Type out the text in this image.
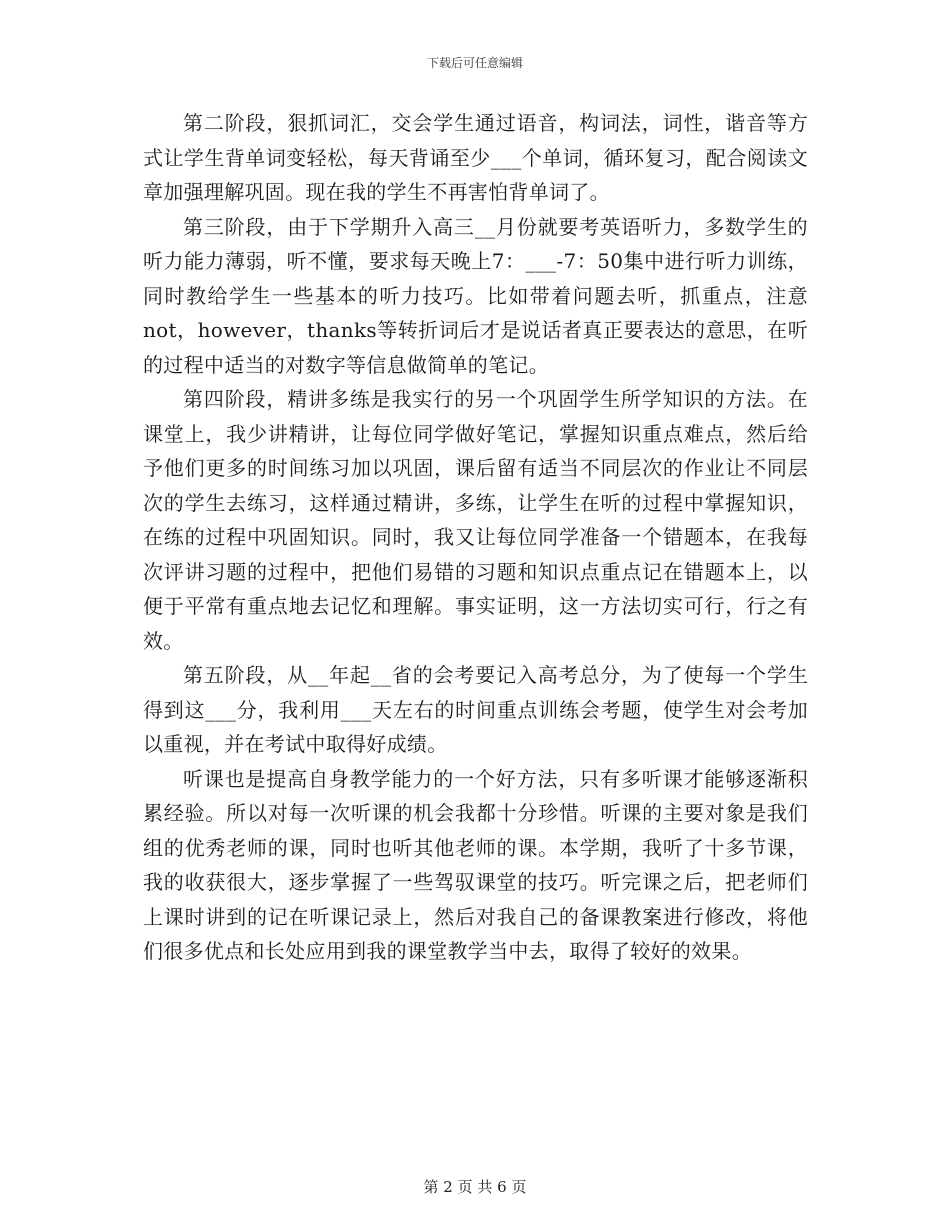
下载后可任意编辑

第二阶段，狠抓词汇，交会学生通过语音，构词法，词性，谐音等方式让学生背单词变轻松，每天背诵至少___个单词，循环复习，配合阅读文章加强理解巩固。现在我的学生不再害怕背单词了。

第三阶段，由于下学期升入高三__月份就要考英语听力，多数学生的听力能力薄弱，听不懂，要求每天晚上7：___-7：50集中进行听力训练，同时教给学生一些基本的听力技巧。比如带着问题去听，抓重点，注意not，however，thanks等转折词后才是说话者真正要表达的意思，在听的过程中适当的对数字等信息做简单的笔记。

第四阶段，精讲多练是我实行的另一个巩固学生所学知识的方法。在课堂上，我少讲精讲，让每位同学做好笔记，掌握知识重点难点，然后给予他们更多的时间练习加以巩固，课后留有适当不同层次的作业让不同层次的学生去练习，这样通过精讲，多练，让学生在听的过程中掌握知识，在练的过程中巩固知识。同时，我又让每位同学准备一个错题本，在我每次评讲习题的过程中，把他们易错的习题和知识点重点记在错题本上，以便于平常有重点地去记忆和理解。事实证明，这一方法切实可行，行之有效。

第五阶段，从__年起__省的会考要记入高考总分，为了使每一个学生得到这___分，我利用___天左右的时间重点训练会考题，使学生对会考加以重视，并在考试中取得好成绩。

听课也是提高自身教学能力的一个好方法，只有多听课才能够逐渐积累经验。所以对每一次听课的机会我都十分珍惜。听课的主要对象是我们组的优秀老师的课，同时也听其他老师的课。本学期，我听了十多节课，我的收获很大，逐步掌握了一些驾驭课堂的技巧。听完课之后，把老师们上课时讲到的记在听课记录上，然后对我自己的备课教案进行修改，将他们很多优点和长处应用到我的课堂教学当中去，取得了较好的效果。

第 2 页 共 6 页
